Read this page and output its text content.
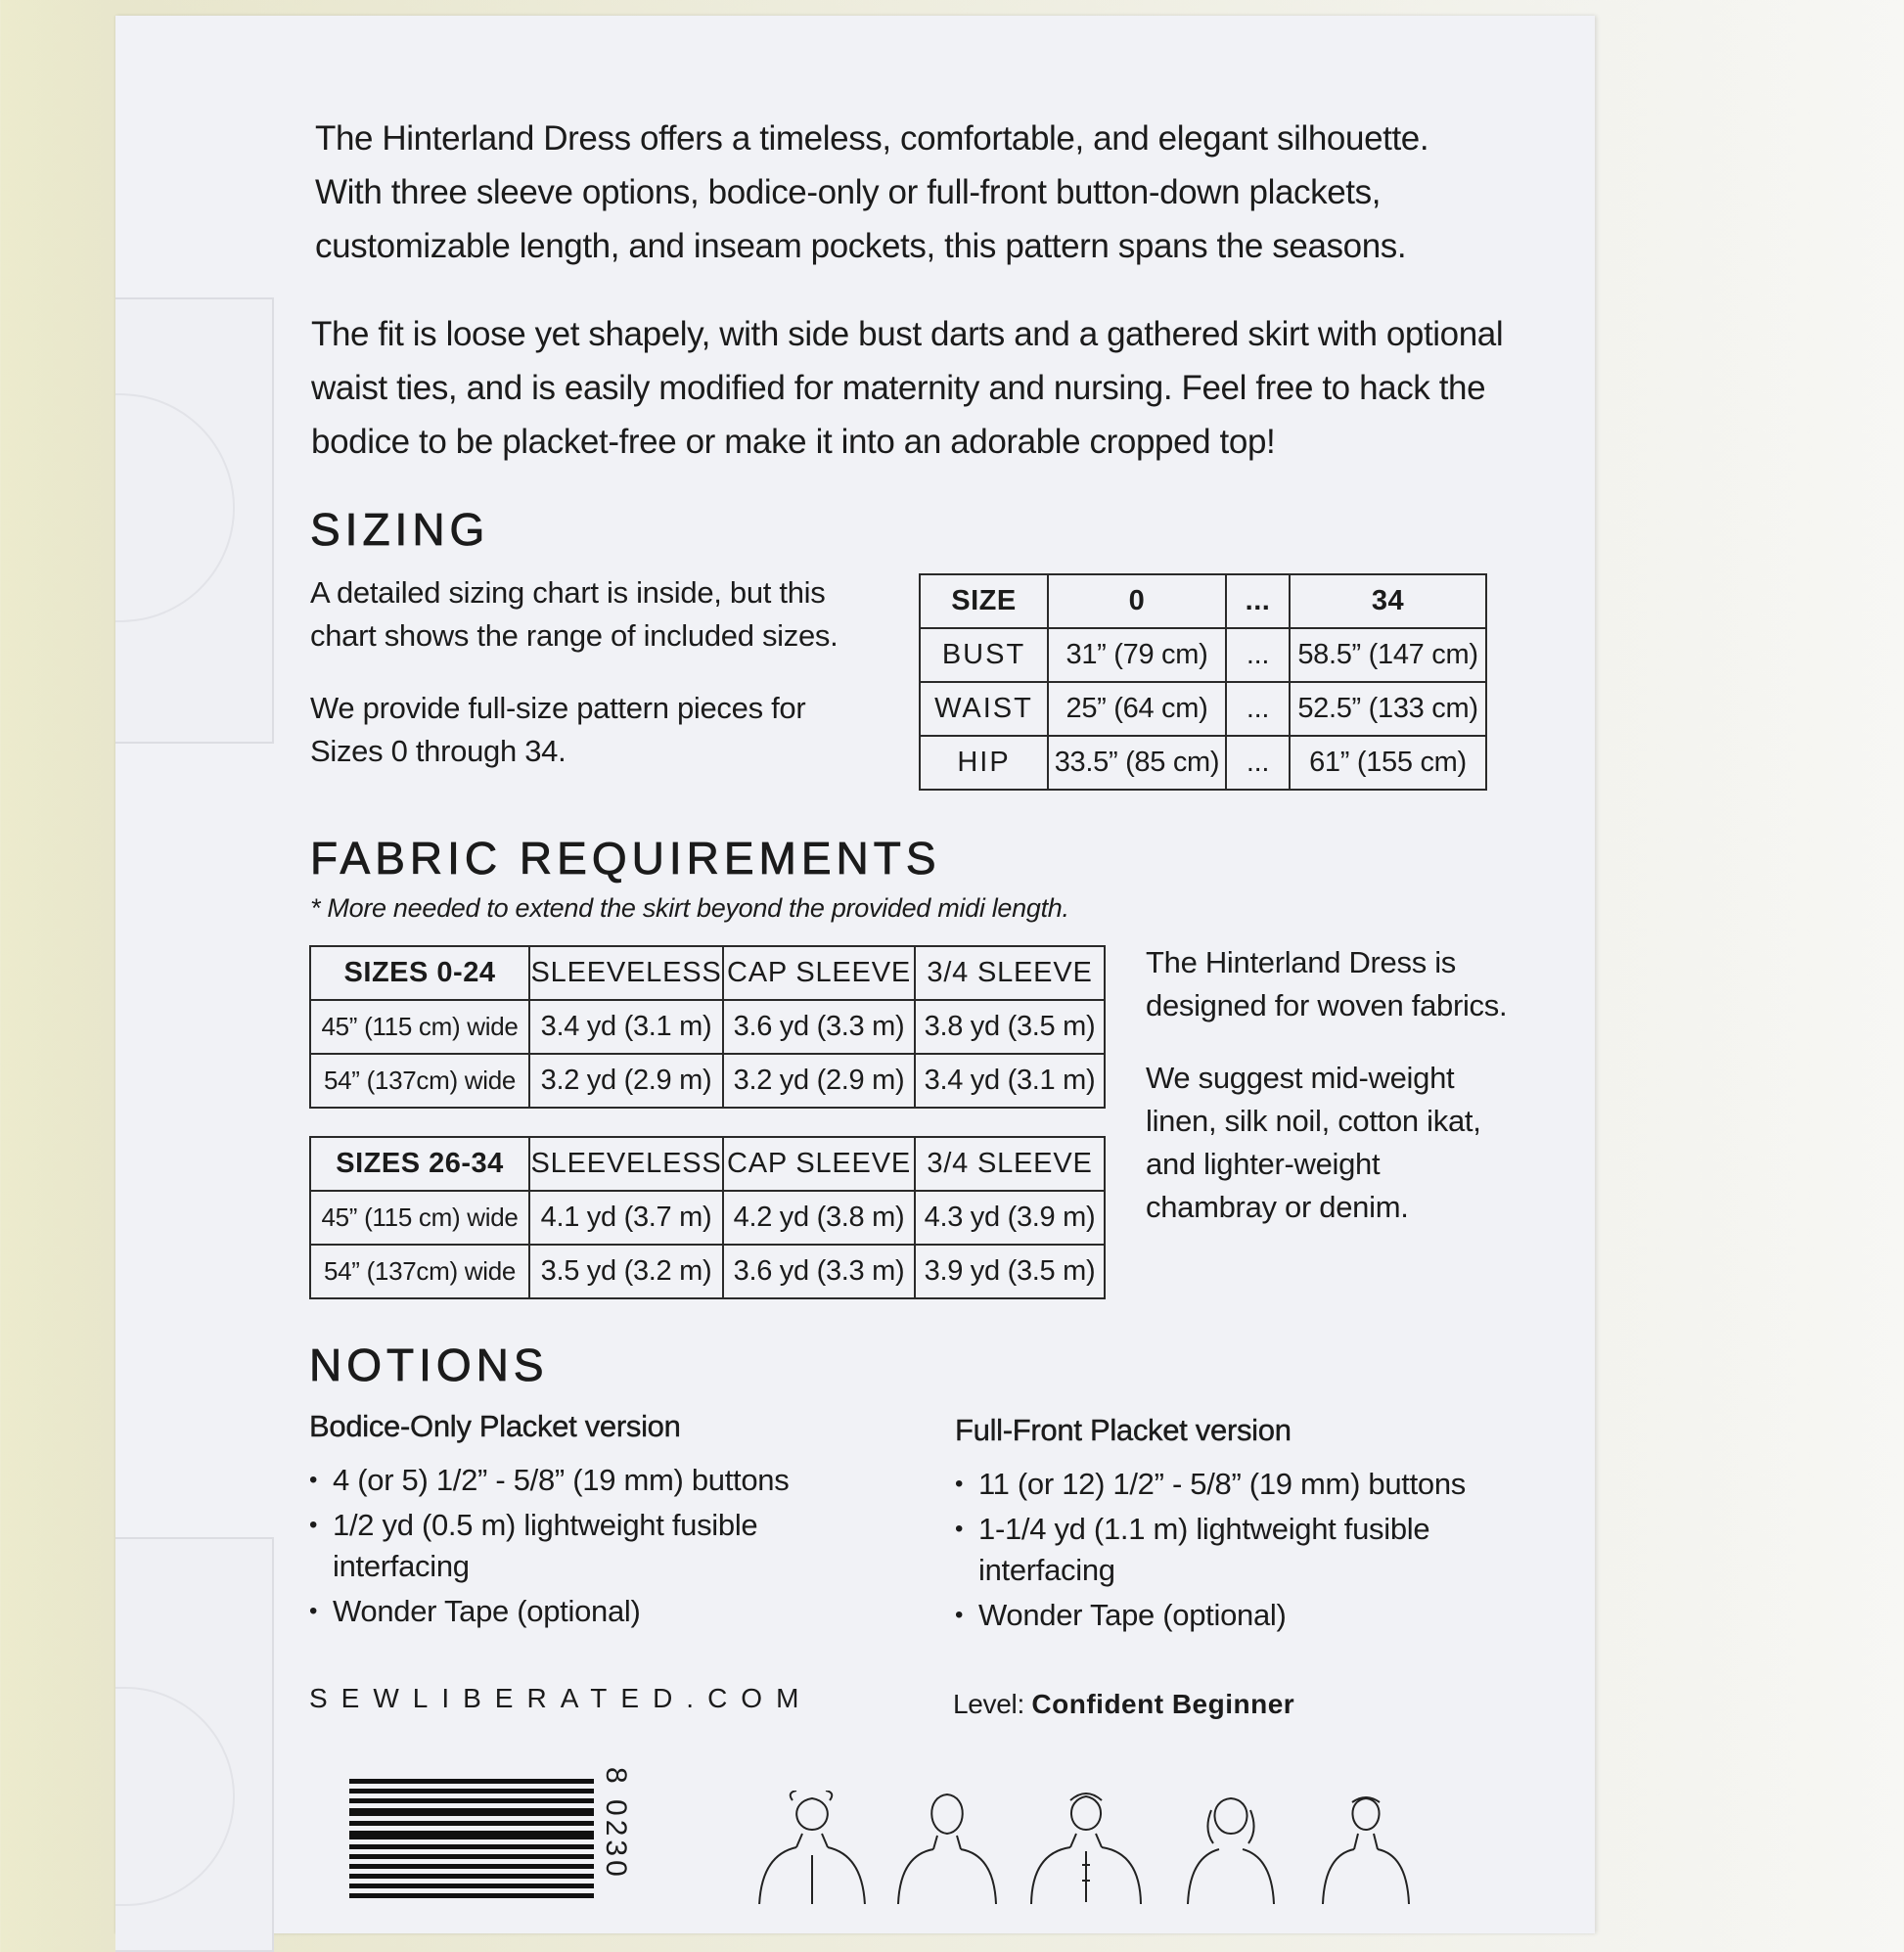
The Hinterland Dress offers a timeless, comfortable, and elegant silhouette.
With three sleeve options, bodice-only or full-front button-down plackets,
customizable length, and inseam pockets, this pattern spans the seasons.
The fit is loose yet shapely, with side bust darts and a gathered skirt with optional
waist ties, and is easily modified for maternity and nursing. Feel free to hack the
bodice to be placket-free or make it into an adorable cropped top!
SIZING
A detailed sizing chart is inside, but this
chart shows the range of included sizes.
We provide full-size pattern pieces for
Sizes 0 through 34.
SIZE	0	...	34
BUST	31” (79 cm)	...	58.5” (147 cm)
WAIST	25” (64 cm)	...	52.5” (133 cm)
HIP	33.5” (85 cm)	...	61” (155 cm)
FABRIC REQUIREMENTS
* More needed to extend the skirt beyond the provided midi length.
SIZES 0-24	SLEEVELESS	CAP SLEEVE	3/4 SLEEVE
45” (115 cm) wide	3.4 yd (3.1 m)	3.6 yd (3.3 m)	3.8 yd (3.5 m)
54” (137cm) wide	3.2 yd (2.9 m)	3.2 yd (2.9 m)	3.4 yd (3.1 m)
SIZES 26-34	SLEEVELESS	CAP SLEEVE	3/4 SLEEVE
45” (115 cm) wide	4.1 yd (3.7 m)	4.2 yd (3.8 m)	4.3 yd (3.9 m)
54” (137cm) wide	3.5 yd (3.2 m)	3.6 yd (3.3 m)	3.9 yd (3.5 m)
The Hinterland Dress is
designed for woven fabrics.
We suggest mid-weight
linen, silk noil, cotton ikat,
and lighter-weight
chambray or denim.
NOTIONS
Bodice-Only Placket version
• 4 (or 5) 1/2” - 5/8” (19 mm) buttons
• 1/2 yd (0.5 m) lightweight fusible interfacing
• Wonder Tape (optional)
Full-Front Placket version
• 11 (or 12) 1/2” - 5/8” (19 mm) buttons
• 1-1/4 yd (1.1 m) lightweight fusible interfacing
• Wonder Tape (optional)
SEWLIBERATED.COM	Level: Confident Beginner
8 0230
